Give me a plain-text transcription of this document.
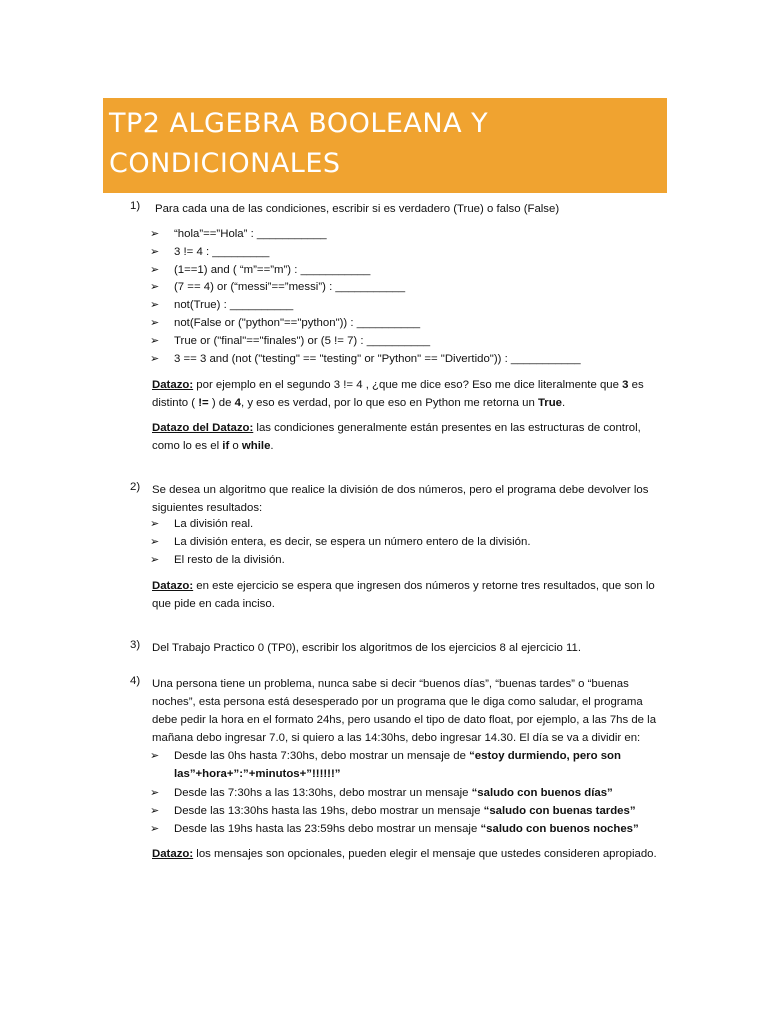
TP2 ALGEBRA BOOLEANA Y
CONDICIONALES
1) Para cada una de las condiciones, escribir si es verdadero (True) o falso (False)
➢ “hola”==”Hola” : ___________
➢ 3 != 4 : _________
➢ (1==1) and ( “m”==”m”) : ___________
➢ (7 == 4) or (“messi”==”messi”) : ___________
➢ not(True) : __________
➢ not(False or ("python"=="python")) : __________
➢ True or ("final"=="finales") or (5 != 7) : __________
➢ 3 == 3 and (not ("testing" == "testing" or "Python" == "Divertido")) : ___________
Datazo: por ejemplo en el segundo 3 != 4 , ¿que me dice eso? Eso me dice literalmente que 3 es distinto ( != ) de 4, y eso es verdad, por lo que eso en Python me retorna un True.
Datazo del Datazo: las condiciones generalmente están presentes en las estructuras de control, como lo es el if o while.
2) Se desea un algoritmo que realice la división de dos números, pero el programa debe devolver los siguientes resultados:
➢ La división real.
➢ La división entera, es decir, se espera un número entero de la división.
➢ El resto de la división.
Datazo: en este ejercicio se espera que ingresen dos números y retorne tres resultados, que son lo que pide en cada inciso.
3) Del Trabajo Practico 0 (TP0), escribir los algoritmos de los ejercicios 8 al ejercicio 11.
4) Una persona tiene un problema, nunca sabe si decir “buenos días”, “buenas tardes” o “buenas noches”, esta persona está desesperado por un programa que le diga como saludar, el programa debe pedir la hora en el formato 24hs, pero usando el tipo de dato float, por ejemplo, a las 7hs de la mañana debo ingresar 7.0, si quiero a las 14:30hs, debo ingresar 14.30. El día se va a dividir en:
➢ Desde las 0hs hasta 7:30hs, debo mostrar un mensaje de “estoy durmiendo, pero son las”+hora+”:”+minutos+”!!!!!!”
➢ Desde las 7:30hs a las 13:30hs, debo mostrar un mensaje “saludo con buenos días”
➢ Desde las 13:30hs hasta las 19hs, debo mostrar un mensaje “saludo con buenas tardes”
➢ Desde las 19hs hasta las 23:59hs debo mostrar un mensaje “saludo con buenos noches”
Datazo: los mensajes son opcionales, pueden elegir el mensaje que ustedes consideren apropiado.
